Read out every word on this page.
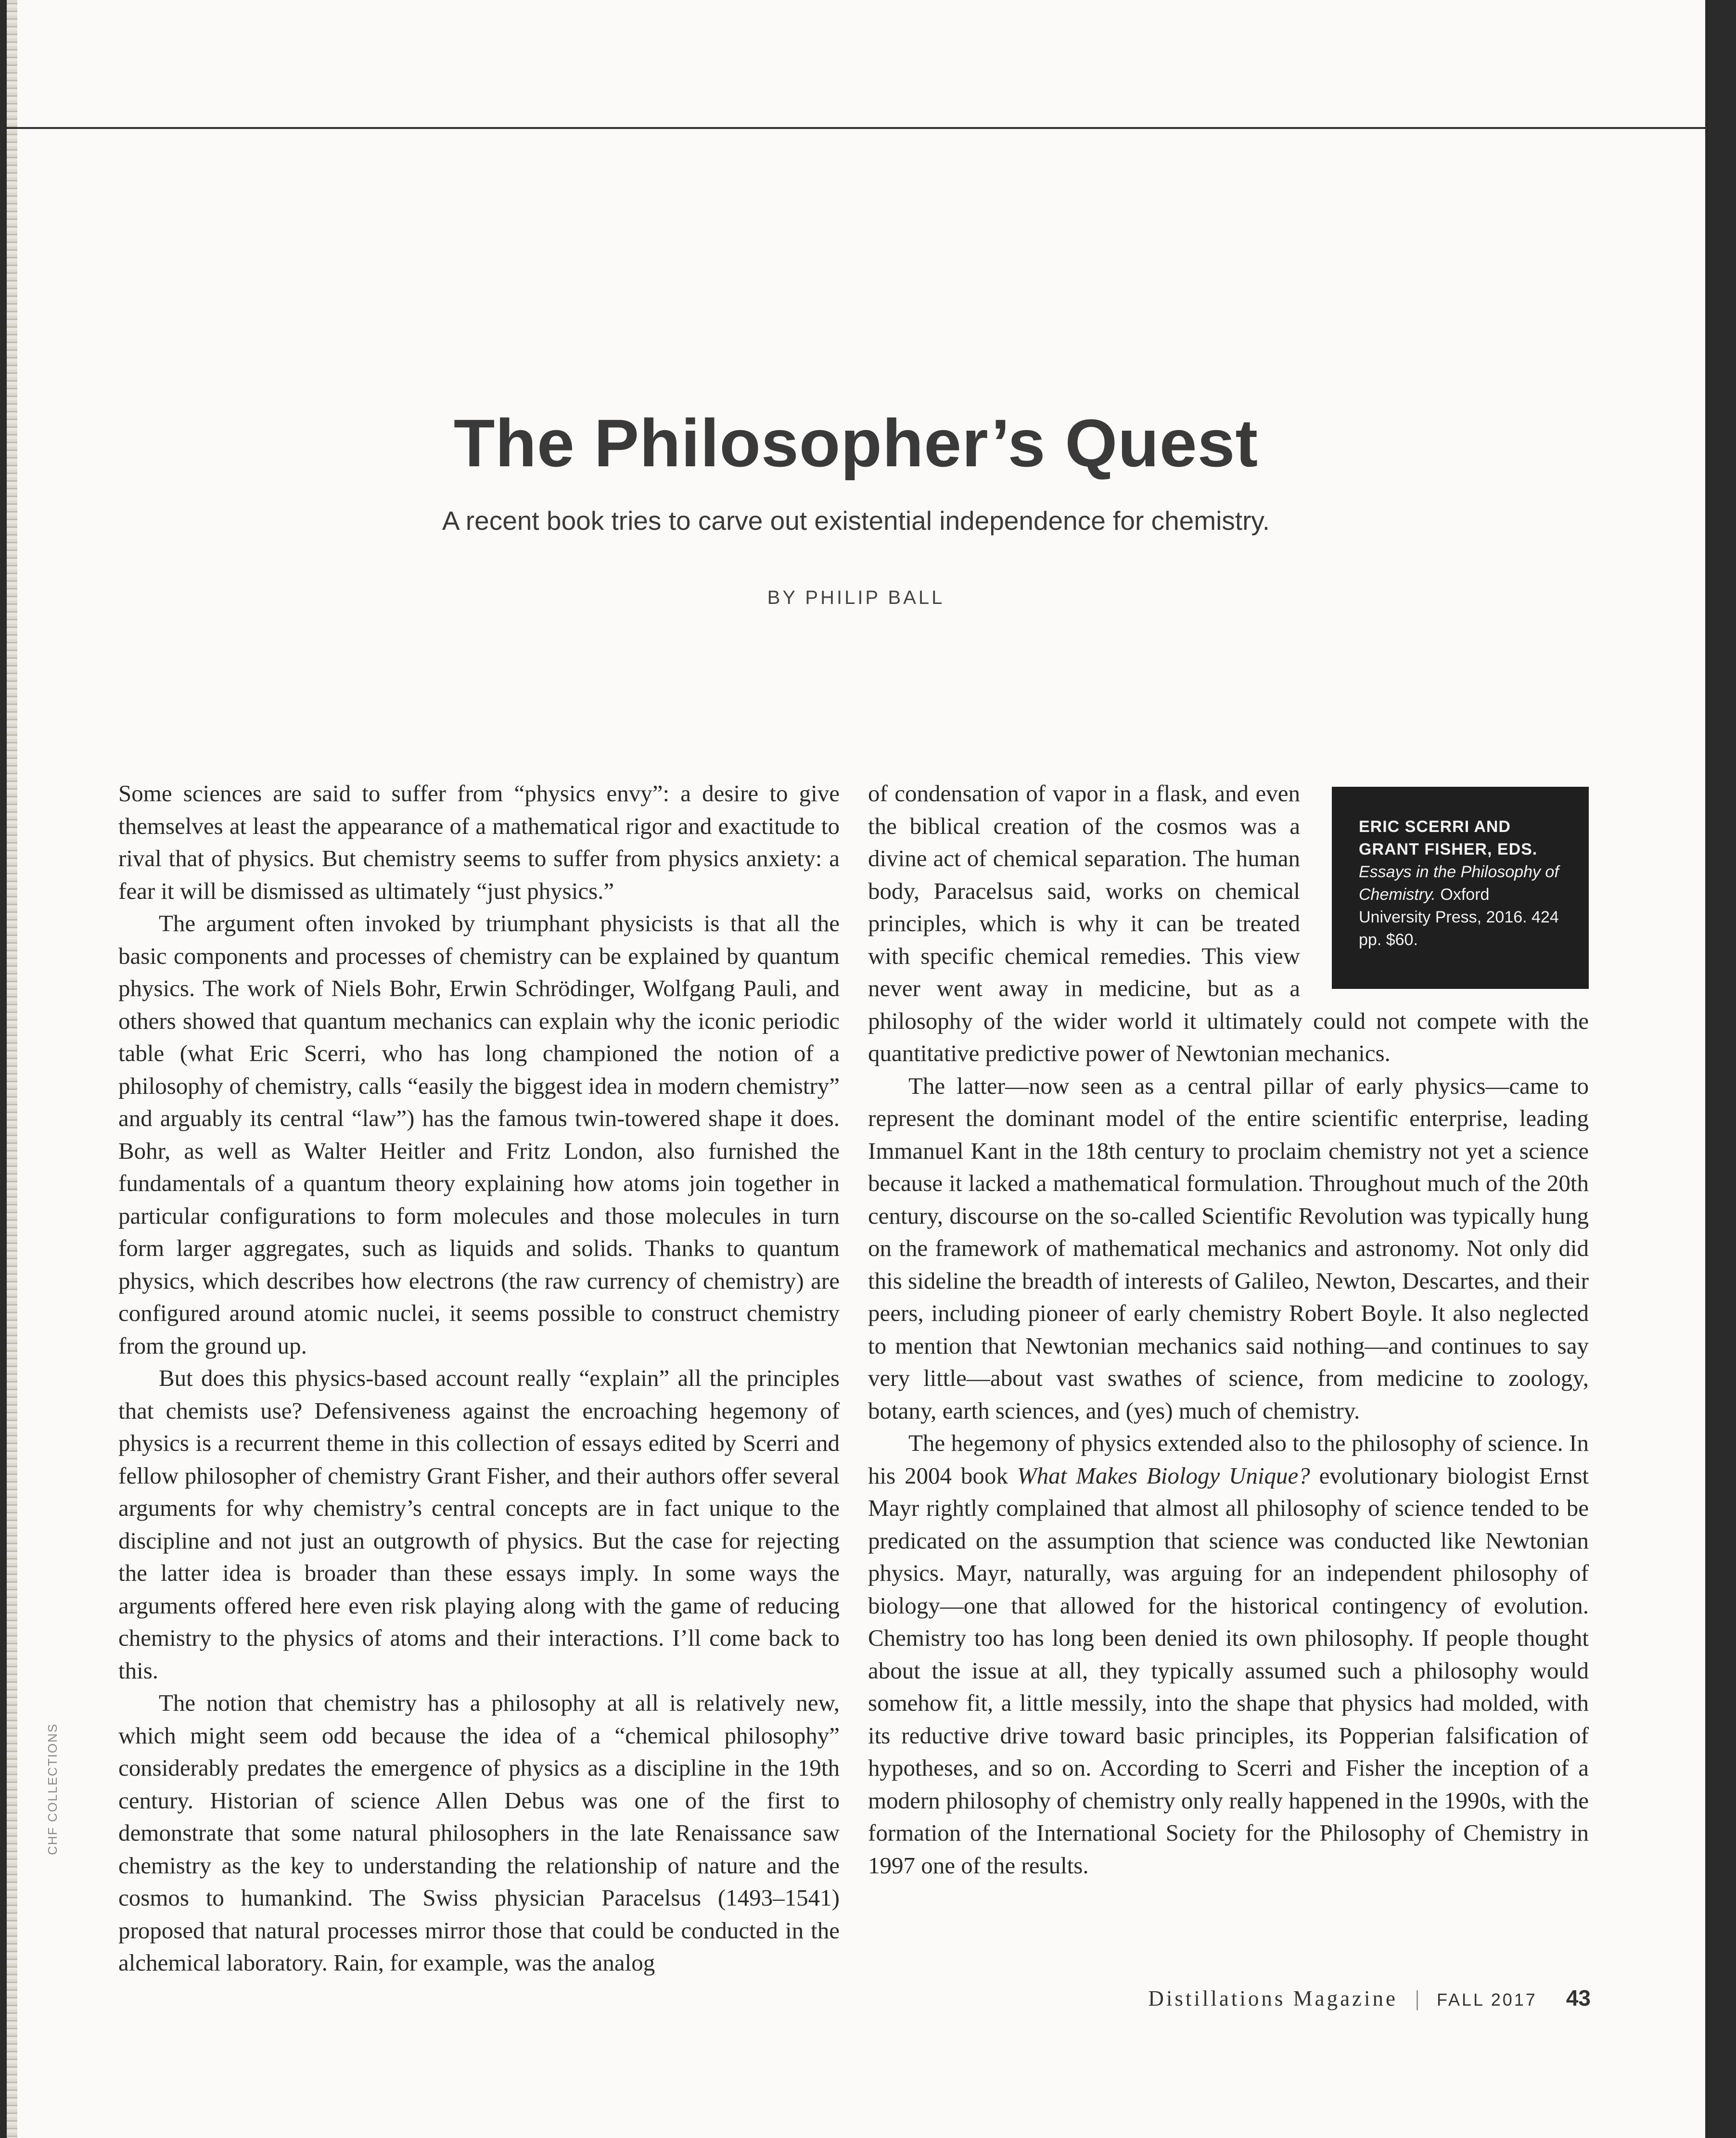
The Philosopher’s Quest
A recent book tries to carve out existential independence for chemistry.
BY PHILIP BALL

Some sciences are said to suffer from “physics envy”: a desire to give themselves at least the appearance of a mathematical rigor and exactitude to rival that of physics. But chemistry seems to suffer from physics anxiety: a fear it will be dismissed as ultimately “just physics.”

The argument often invoked by triumphant physicists is that all the basic components and processes of chemistry can be explained by quantum physics. The work of Niels Bohr, Erwin Schrödinger, Wolfgang Pauli, and others showed that quantum mechanics can explain why the iconic periodic table (what Eric Scerri, who has long championed the notion of a philosophy of chemistry, calls “easily the biggest idea in modern chemistry” and arguably its central “law”) has the famous twin-towered shape it does. Bohr, as well as Walter Heitler and Fritz London, also furnished the fundamentals of a quantum theory explaining how atoms join together in particular configurations to form molecules and those molecules in turn form larger aggregates, such as liquids and solids. Thanks to quantum physics, which describes how electrons (the raw currency of chemistry) are configured around atomic nuclei, it seems possible to construct chemistry from the ground up.

But does this physics-based account really “explain” all the principles that chemists use? Defensiveness against the encroaching hegemony of physics is a recurrent theme in this collection of essays edited by Scerri and fellow philosopher of chemistry Grant Fisher, and their authors offer several arguments for why chemistry’s central concepts are in fact unique to the discipline and not just an outgrowth of physics. But the case for rejecting the latter idea is broader than these essays imply. In some ways the arguments offered here even risk playing along with the game of reducing chemistry to the physics of atoms and their interactions. I’ll come back to this.

The notion that chemistry has a philosophy at all is relatively new, which might seem odd because the idea of a “chemical philosophy” considerably predates the emergence of physics as a discipline in the 19th century. Historian of science Allen Debus was one of the first to demonstrate that some natural philosophers in the late Renaissance saw chemistry as the key to understanding the relationship of nature and the cosmos to humankind. The Swiss physician Paracelsus (1493–1541) proposed that natural processes mirror those that could be conducted in the alchemical laboratory. Rain, for example, was the analog

ERIC SCERRI AND GRANT FISHER, EDS. Essays in the Philosophy of Chemistry. Oxford University Press, 2016. 424 pp. $60.
of condensation of vapor in a flask, and even the biblical creation of the cosmos was a divine act of chemical separation. The human body, Paracelsus said, works on chemical principles, which is why it can be treated with specific chemical remedies. This view never went away in medicine, but as a philosophy of the wider world it ultimately could not compete with the quantitative predictive power of Newtonian mechanics.

The latter—now seen as a central pillar of early physics—came to represent the dominant model of the entire scientific enterprise, leading Immanuel Kant in the 18th century to proclaim chemistry not yet a science because it lacked a mathematical formulation. Throughout much of the 20th century, discourse on the so-called Scientific Revolution was typically hung on the framework of mathematical mechanics and astronomy. Not only did this sideline the breadth of interests of Galileo, Newton, Descartes, and their peers, including pioneer of early chemistry Robert Boyle. It also neglected to mention that Newtonian mechanics said nothing—and continues to say very little—about vast swathes of science, from medicine to zoology, botany, earth sciences, and (yes) much of chemistry.

The hegemony of physics extended also to the philosophy of science. In his 2004 book What Makes Biology Unique? evolutionary biologist Ernst Mayr rightly complained that almost all philosophy of science tended to be predicated on the assumption that science was conducted like Newtonian physics. Mayr, naturally, was arguing for an independent philosophy of biology—one that allowed for the historical contingency of evolution. Chemistry too has long been denied its own philosophy. If people thought about the issue at all, they typically assumed such a philosophy would somehow fit, a little messily, into the shape that physics had molded, with its reductive drive toward basic principles, its Popperian falsification of hypotheses, and so on. According to Scerri and Fisher the inception of a modern philosophy of chemistry only really happened in the 1990s, with the formation of the International Society for the Philosophy of Chemistry in 1997 one of the results.

CHF COLLECTIONS
Distillations Magazine | FALL 2017 43
